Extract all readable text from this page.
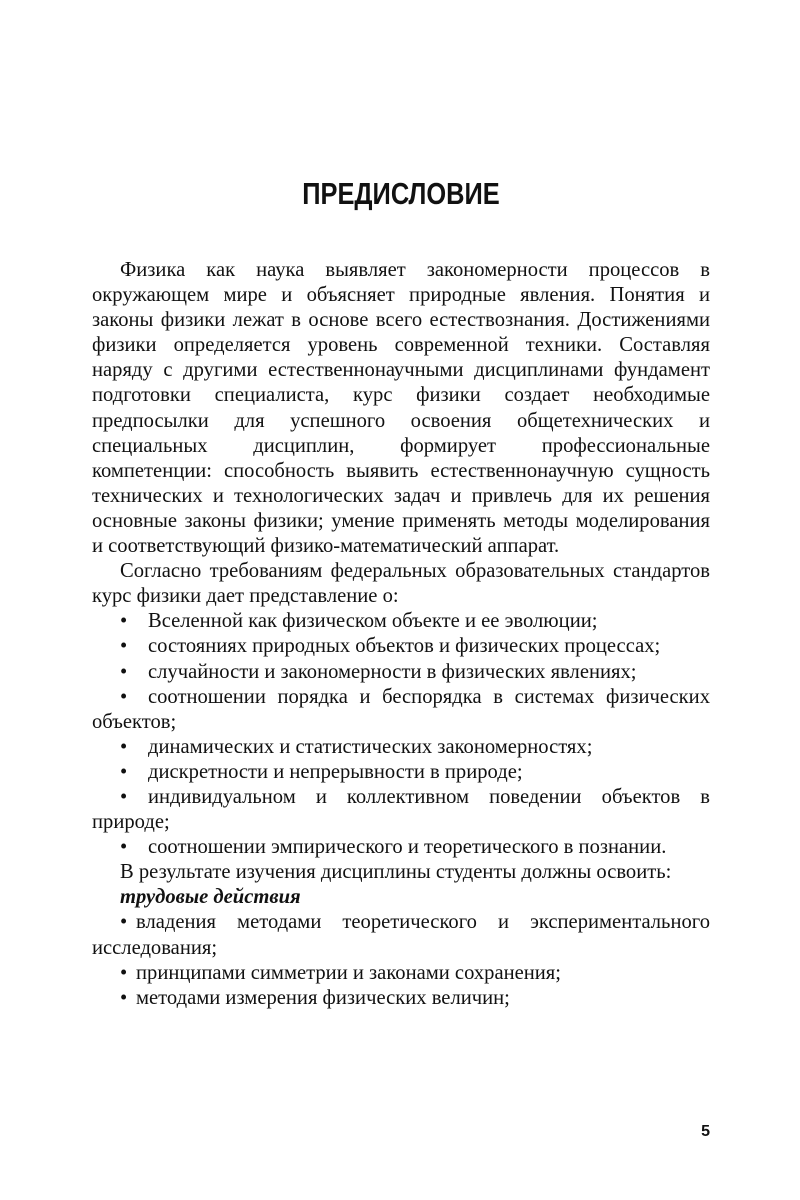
ПРЕДИСЛОВИЕ

Физика как наука выявляет закономерности процессов в окружающем мире и объясняет природные явления. Понятия и законы физики лежат в основе всего естествознания. Достижениями физики определяется уровень современной техники. Составляя наряду с другими естественнонаучными дисциплинами фундамент подготовки специалиста, курс физики создает необходимые предпосылки для успешного освоения общетехнических и специальных дисциплин, формирует профессиональные компетенции: способность выявить естественнонаучную сущность технических и технологических задач и привлечь для их решения основные законы физики; умение применять методы моделирования и соответствующий физико-математический аппарат.

Согласно требованиям федеральных образовательных стандартов курс физики дает представление о:

• Вселенной как физическом объекте и ее эволюции;

• состояниях природных объектов и физических процессах;

• случайности и закономерности в физических явлениях;

• соотношении порядка и беспорядка в системах физических объектов;

• динамических и статистических закономерностях;

• дискретности и непрерывности в природе;

• индивидуальном и коллективном поведении объектов в природе;

• соотношении эмпирического и теоретического в познании.

В результате изучения дисциплины студенты должны освоить:

трудовые действия

• владения методами теоретического и экспериментального исследования;

• принципами симметрии и законами сохранения;

• методами измерения физических величин;

5
